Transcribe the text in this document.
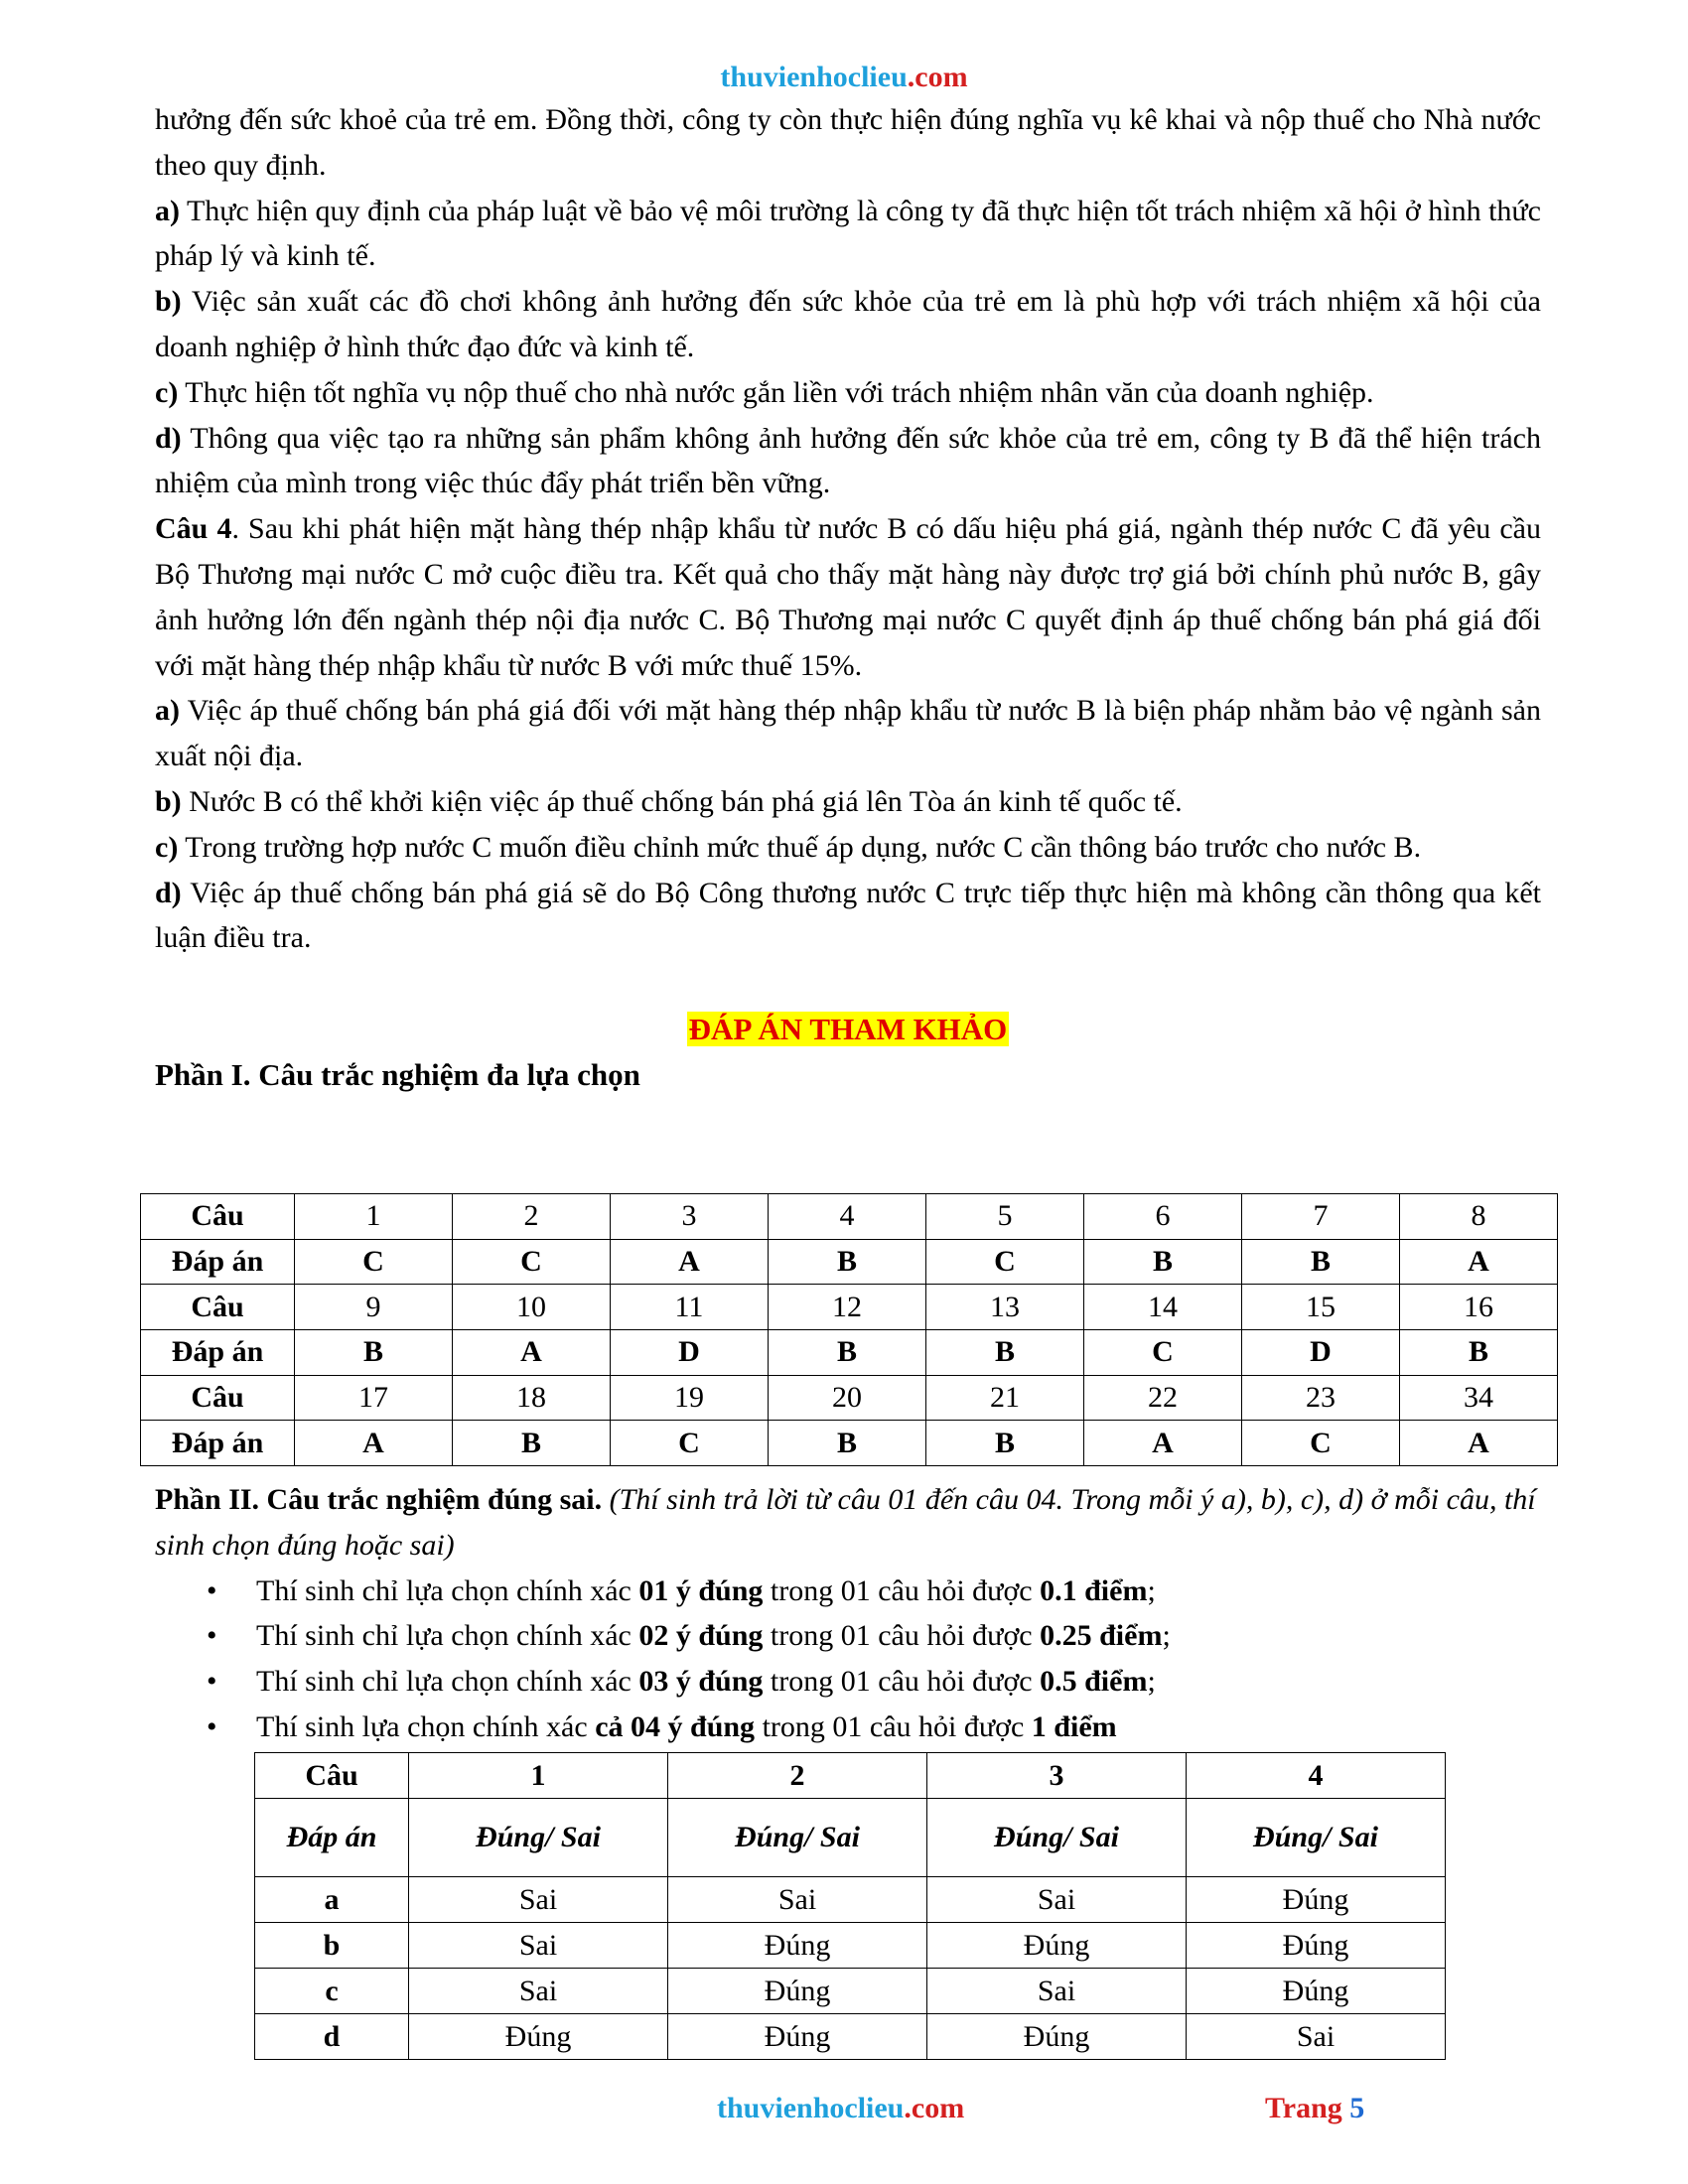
thuvienhoclieu.com

hưởng đến sức khoẻ của trẻ em. Đồng thời, công ty còn thực hiện đúng nghĩa vụ kê khai và nộp thuế cho Nhà nước theo quy định.

a) Thực hiện quy định của pháp luật về bảo vệ môi trường là công ty đã thực hiện tốt trách nhiệm xã hội ở hình thức pháp lý và kinh tế.

b) Việc sản xuất các đồ chơi không ảnh hưởng đến sức khỏe của trẻ em là phù hợp với trách nhiệm xã hội của doanh nghiệp ở hình thức đạo đức và kinh tế.

c) Thực hiện tốt nghĩa vụ nộp thuế cho nhà nước gắn liền với trách nhiệm nhân văn của doanh nghiệp.

d) Thông qua việc tạo ra những sản phẩm không ảnh hưởng đến sức khỏe của trẻ em, công ty B đã thể hiện trách nhiệm của mình trong việc thúc đẩy phát triển bền vững.

Câu 4. Sau khi phát hiện mặt hàng thép nhập khẩu từ nước B có dấu hiệu phá giá, ngành thép nước C đã yêu cầu Bộ Thương mại nước C mở cuộc điều tra. Kết quả cho thấy mặt hàng này được trợ giá bởi chính phủ nước B, gây ảnh hưởng lớn đến ngành thép nội địa nước C. Bộ Thương mại nước C quyết định áp thuế chống bán phá giá đối với mặt hàng thép nhập khẩu từ nước B với mức thuế 15%.

a) Việc áp thuế chống bán phá giá đối với mặt hàng thép nhập khẩu từ nước B là biện pháp nhằm bảo vệ ngành sản xuất nội địa.

b) Nước B có thể khởi kiện việc áp thuế chống bán phá giá lên Tòa án kinh tế quốc tế.

c) Trong trường hợp nước C muốn điều chỉnh mức thuế áp dụng, nước C cần thông báo trước cho nước B.

d) Việc áp thuế chống bán phá giá sẽ do Bộ Công thương nước C trực tiếp thực hiện mà không cần thông qua kết luận điều tra.

ĐÁP ÁN THAM KHẢO

Phần I. Câu trắc nghiệm đa lựa chọn

Câu	1	2	3	4	5	6	7	8
Đáp án	C	C	A	B	C	B	B	A
Câu	9	10	11	12	13	14	15	16
Đáp án	B	A	D	B	B	C	D	B
Câu	17	18	19	20	21	22	23	34
Đáp án	A	B	C	B	B	A	C	A

Phần II. Câu trắc nghiệm đúng sai. (Thí sinh trả lời từ câu 01 đến câu 04. Trong mỗi ý a), b), c), d) ở mỗi câu, thí sinh chọn đúng hoặc sai)

• Thí sinh chỉ lựa chọn chính xác 01 ý đúng trong 01 câu hỏi được 0.1 điểm;
• Thí sinh chỉ lựa chọn chính xác 02 ý đúng trong 01 câu hỏi được 0.25 điểm;
• Thí sinh chỉ lựa chọn chính xác 03 ý đúng trong 01 câu hỏi được 0.5 điểm;
• Thí sinh lựa chọn chính xác cả 04 ý đúng trong 01 câu hỏi được 1 điểm
Câu	1	2	3	4
Đáp án	Đúng/ Sai	Đúng/ Sai	Đúng/ Sai	Đúng/ Sai
a	Sai	Sai	Sai	Đúng
b	Sai	Đúng	Đúng	Đúng
c	Sai	Đúng	Sai	Đúng
d	Đúng	Đúng	Đúng	Sai
thuvienhoclieu.com	Trang 5
